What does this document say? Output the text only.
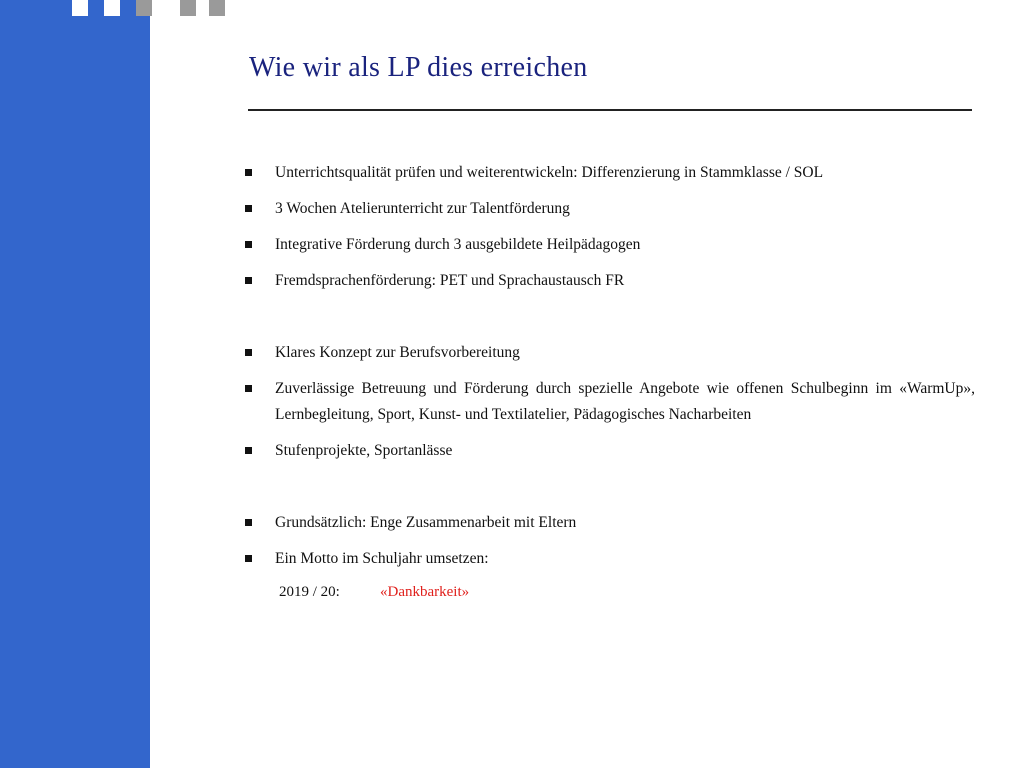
Wie wir als LP dies erreichen
Unterrichtsqualität prüfen und weiterentwickeln: Differenzierung in Stammklasse / SOL
3 Wochen Atelierunterricht zur Talentförderung
Integrative Förderung durch 3 ausgebildete Heilpädagogen
Fremdsprachenförderung: PET und Sprachaustausch FR
Klares Konzept zur Berufsvorbereitung
Zuverlässige Betreuung und Förderung durch spezielle Angebote wie offenen Schulbeginn im «WarmUp», Lernbegleitung, Sport, Kunst- und Textilatelier, Pädagogisches Nacharbeiten
Stufenprojekte, Sportanlässe
Grundsätzlich: Enge Zusammenarbeit mit Eltern
Ein Motto im Schuljahr umsetzen:
2019 / 20:	«Dankbarkeit»
